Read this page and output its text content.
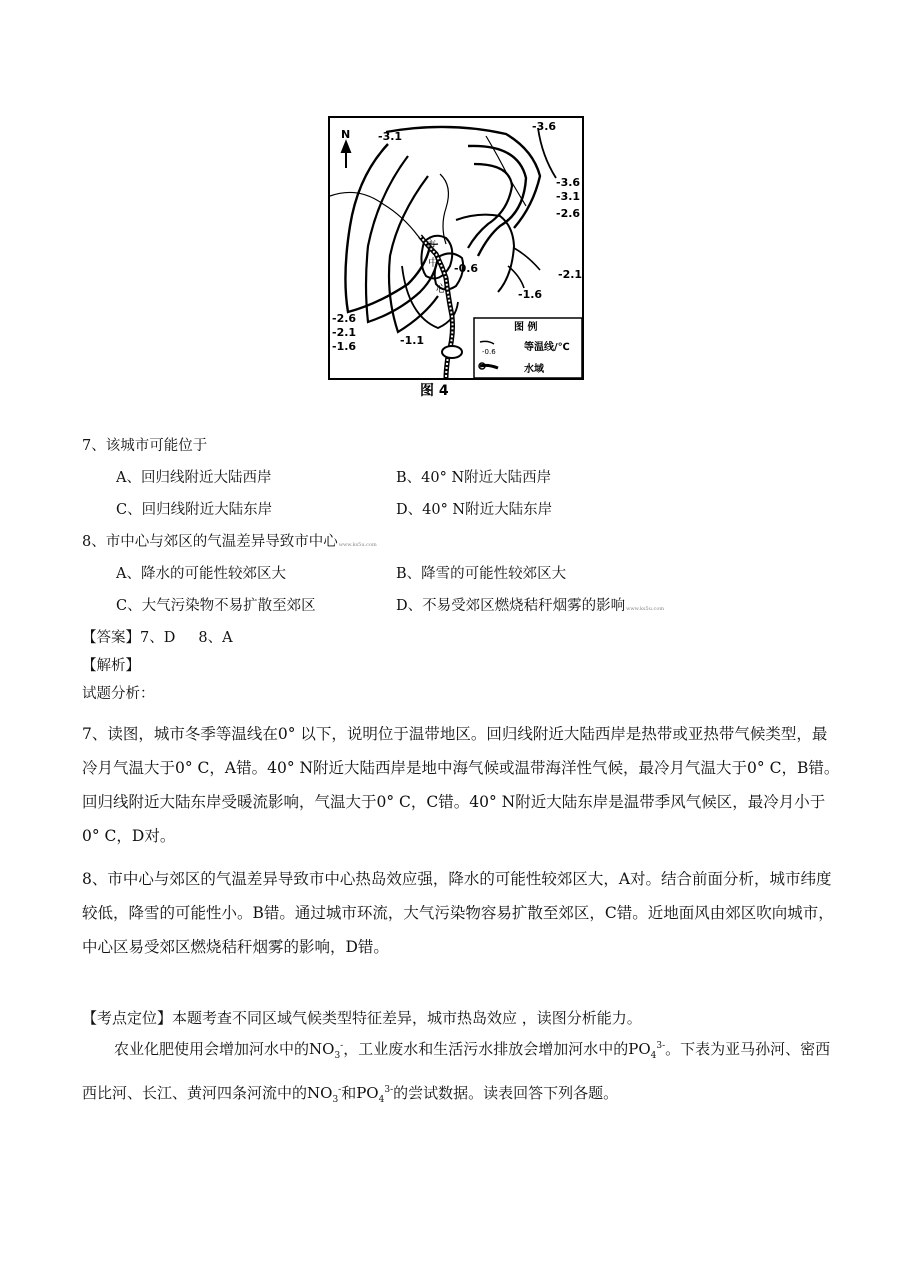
N
市
中
心
-3.1
-3.6
-3.6
-3.1
-2.6
-2.1
-1.6
-0.6
-1.1
-2.6
-2.1
-1.6
图 例
-0.6	等温线/℃
水域
图 4
7、该城市可能位于
A、回归线附近大陆西岸	B、40° N附近大陆西岸
C、回归线附近大陆东岸	D、40° N附近大陆东岸
8、市中心与郊区的气温差异导致市中心www.ks5u.com
A、降水的可能性较郊区大	B、降雪的可能性较郊区大
C、大气污染物不易扩散至郊区	D、不易受郊区燃烧秸秆烟雾的影响www.ks5u.com
【答案】7、D     8、A
【解析】
试题分析：
7、读图，城市冬季等温线在0° 以下，说明位于温带地区。回归线附近大陆西岸是热带或亚热带气候类型，最冷月气温大于0° C，A错。40° N附近大陆西岸是地中海气候或温带海洋性气候，最冷月气温大于0° C，B错。回归线附近大陆东岸受暖流影响，气温大于0° C，C错。40° N附近大陆东岸是温带季风气候区，最冷月小于0° C，D对。
8、市中心与郊区的气温差异导致市中心热岛效应强，降水的可能性较郊区大，A对。结合前面分析，城市纬度较低，降雪的可能性小。B错。通过城市环流，大气污染物容易扩散至郊区，C错。近地面风由郊区吹向城市，中心区易受郊区燃烧秸秆烟雾的影响，D错。
【考点定位】本题考查不同区域气候类型特征差异，城市热岛效应 ，读图分析能力。
农业化肥使用会增加河水中的$NO_3^-$，工业废水和生活污水排放会增加河水中的$PO_4^{3-}$。下表为亚马孙河、密西西比河、长江、黄河四条河流中的$NO_3^-$和$PO_4^{3-}$的尝试数据。读表回答下列各题。
